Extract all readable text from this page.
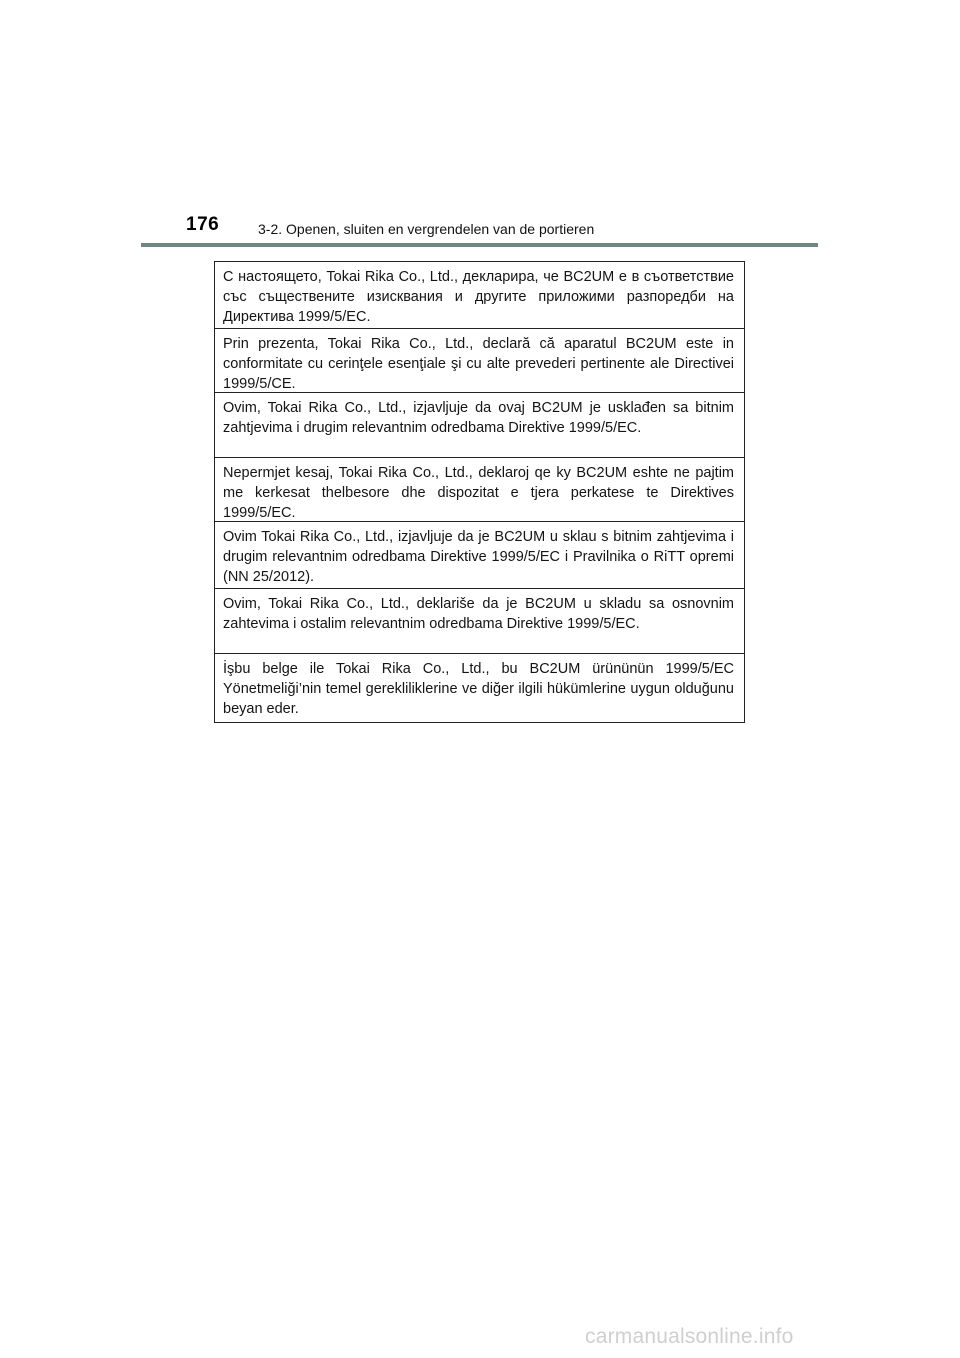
176	3-2. Openen, sluiten en vergrendelen van de portieren
С настоящето, Tokai Rika Co., Ltd., декларира, че BC2UM е в съответствие със съществените изисквания и другите приложими разпоредби на Директива 1999/5/ЕС.
Prin prezenta, Tokai Rika Co., Ltd., declară că aparatul BC2UM este in conformitate cu cerinţele esenţiale şi cu alte prevederi pertinente ale Directivei 1999/5/CE.
Ovim, Tokai Rika Co., Ltd., izjavljuje da ovaj BC2UM je usklađen sa bitnim zahtjevima i drugim relevantnim odredbama Direktive 1999/5/EC.
Nepermjet kesaj, Tokai Rika Co., Ltd., deklaroj qe ky BC2UM eshte ne pajtim me kerkesat thelbesore dhe dispozitat e tjera perkatese te Direktives 1999/5/EC.
Ovim Tokai Rika Co., Ltd., izjavljuje da je BC2UM u sklau s bitnim zahtjevima i drugim relevantnim odredbama Direktive 1999/5/EC i Pravilnika o RiTT opremi (NN 25/2012).
Ovim, Tokai Rika Co., Ltd., deklariše da je BC2UM u skladu sa osnovnim zahtevima i ostalim relevantnim odredbama Direktive 1999/5/EC.
İşbu belge ile Tokai Rika Co., Ltd., bu BC2UM ürününün 1999/5/EC Yönetmeliği’nin temel gerekliliklerine ve diğer ilgili hükümlerine uygun olduğunu beyan eder.
carmanualsonline.info
